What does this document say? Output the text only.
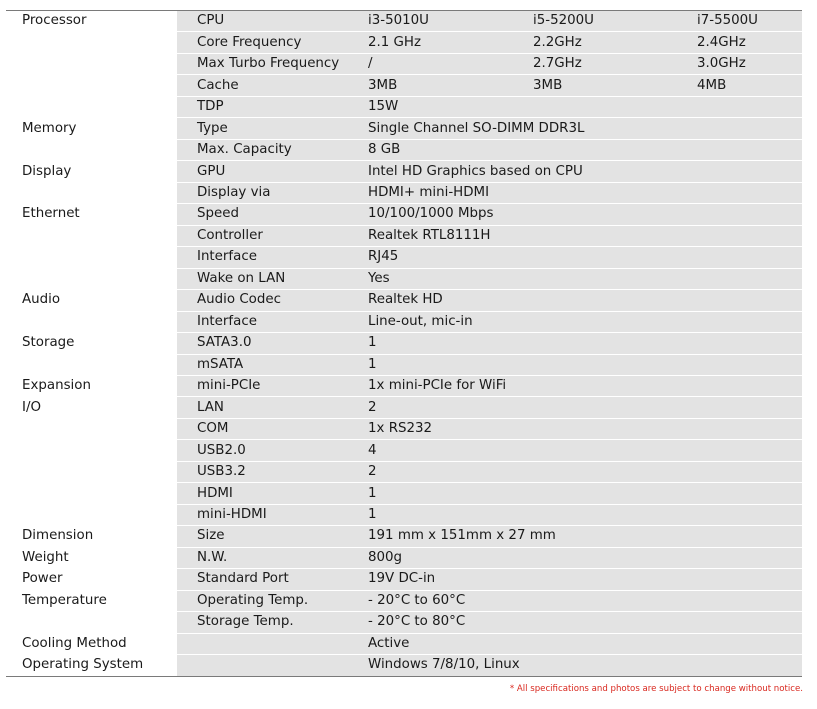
Processor	CPU	i3-5010U	i5-5200U	i7-5500U
	Core Frequency	2.1 GHz	2.2GHz	2.4GHz
	Max Turbo Frequency	/	2.7GHz	3.0GHz
	Cache	3MB	3MB	4MB
	TDP	15W		
Memory	Type	Single Channel SO-DIMM DDR3L		
	Max. Capacity	8 GB		
Display	GPU	Intel HD Graphics based on CPU		
	Display via	HDMI+ mini-HDMI		
Ethernet	Speed	10/100/1000 Mbps		
	Controller	Realtek RTL8111H		
	Interface	RJ45		
	Wake on LAN	Yes		
Audio	Audio Codec	Realtek HD		
	Interface	Line-out, mic-in		
Storage	SATA3.0	1		
	mSATA	1		
Expansion	mini-PCIe	1x mini-PCIe for WiFi		
I/O	LAN	2		
	COM	1x RS232		
	USB2.0	4		
	USB3.2	2		
	HDMI	1		
	mini-HDMI	1		
Dimension	Size	191 mm x 151mm x 27 mm		
Weight	N.W.	800g		
Power	Standard Port	19V DC-in		
Temperature	Operating Temp.	- 20°C to 60°C		
	Storage Temp.	- 20°C to 80°C		
Cooling Method		Active		
Operating System		Windows 7/8/10, Linux		
* All specifications and photos are subject to change without notice.
